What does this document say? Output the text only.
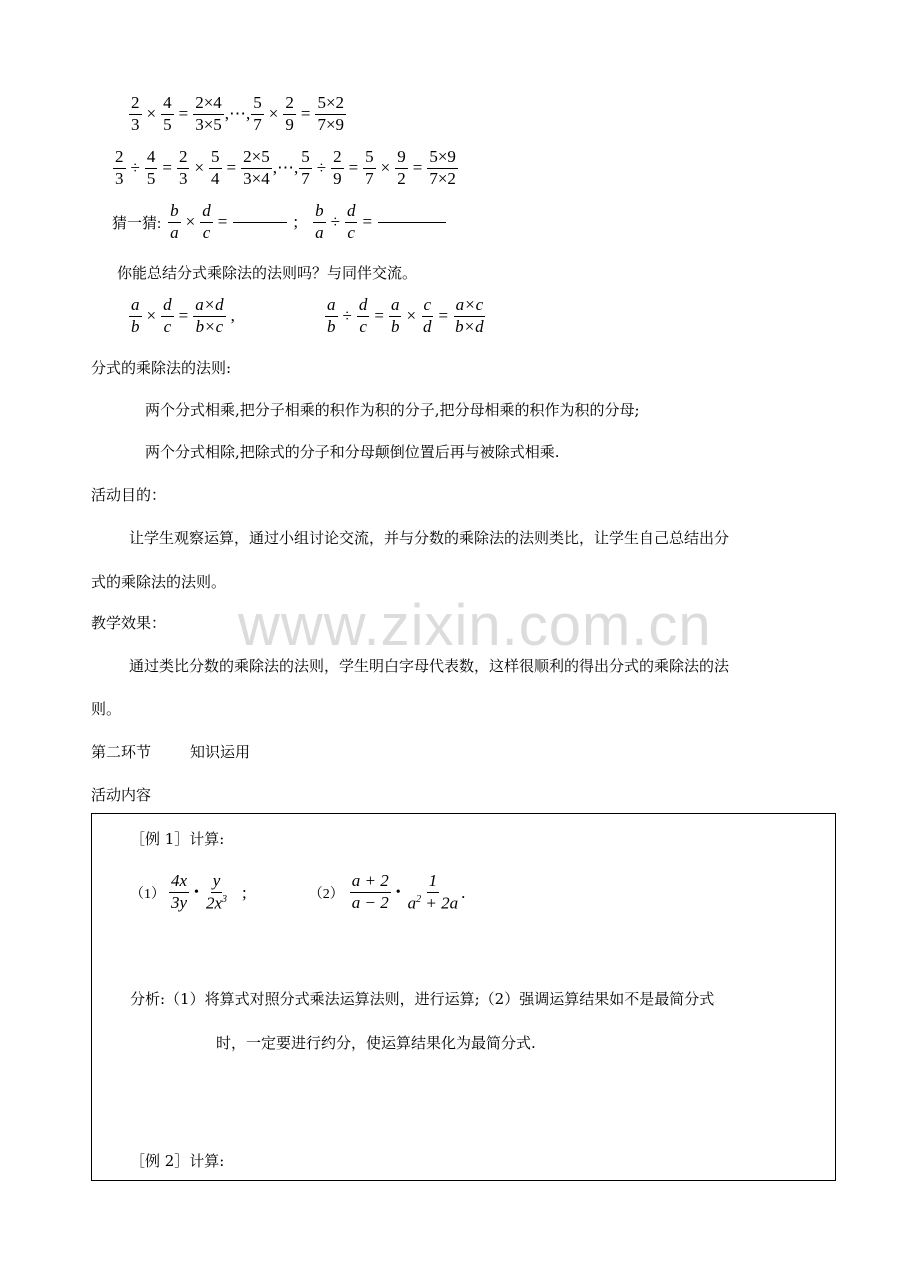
www.zixin.com.cn
$\frac{2}{3} \times \frac{4}{5} = \frac{2\times 4}{3\times 5}$ ,⋯, $\frac{5}{7} \times \frac{2}{9} = \frac{5\times 2}{7\times 9}$
$\frac{2}{3} \div \frac{4}{5} = \frac{2}{3} \times \frac{5}{4} = \frac{2\times 5}{3\times 4}$ ,⋯, $\frac{5}{7} \div \frac{2}{9} = \frac{5}{7} \times \frac{9}{2} = \frac{5\times 9}{7\times 2}$
猜一猜: $\frac{b}{a} \times \frac{d}{c}$ =	; $\frac{b}{a} \div \frac{d}{c}$ =
你能总结分式乘除法的法则吗？与同伴交流。
$\frac{a}{b} \times \frac{d}{c} = \frac{a\times d}{b\times c}$ ,	$\frac{a}{b} \div \frac{d}{c} = \frac{a}{b} \times \frac{c}{d} = \frac{a\times c}{b\times d}$
分式的乘除法的法则:
两个分式相乘,把分子相乘的积作为积的分子,把分母相乘的积作为积的分母;
两个分式相除,把除式的分子和分母颠倒位置后再与被除式相乘.
活动目的：
让学生观察运算，通过小组讨论交流，并与分数的乘除法的法则类比，让学生自己总结出分
式的乘除法的法则。
教学效果：
通过类比分数的乘除法的法则，学生明白字母代表数，这样很顺利的得出分式的乘除法的法
则。
第二环节	知识运用
活动内容
［例 1］计算:
$(1) \frac{4x}{3y}$ • $\frac{y}{2x^3}$ ;	$(2) \frac{a + 2}{a - 2}$ • $\frac{1}{a^2 + 2a}$ .
分析:（1）将算式对照分式乘法运算法则，进行运算;（2）强调运算结果如不是最简分式
时，一定要进行约分，使运算结果化为最简分式.
［例 2］计算:
